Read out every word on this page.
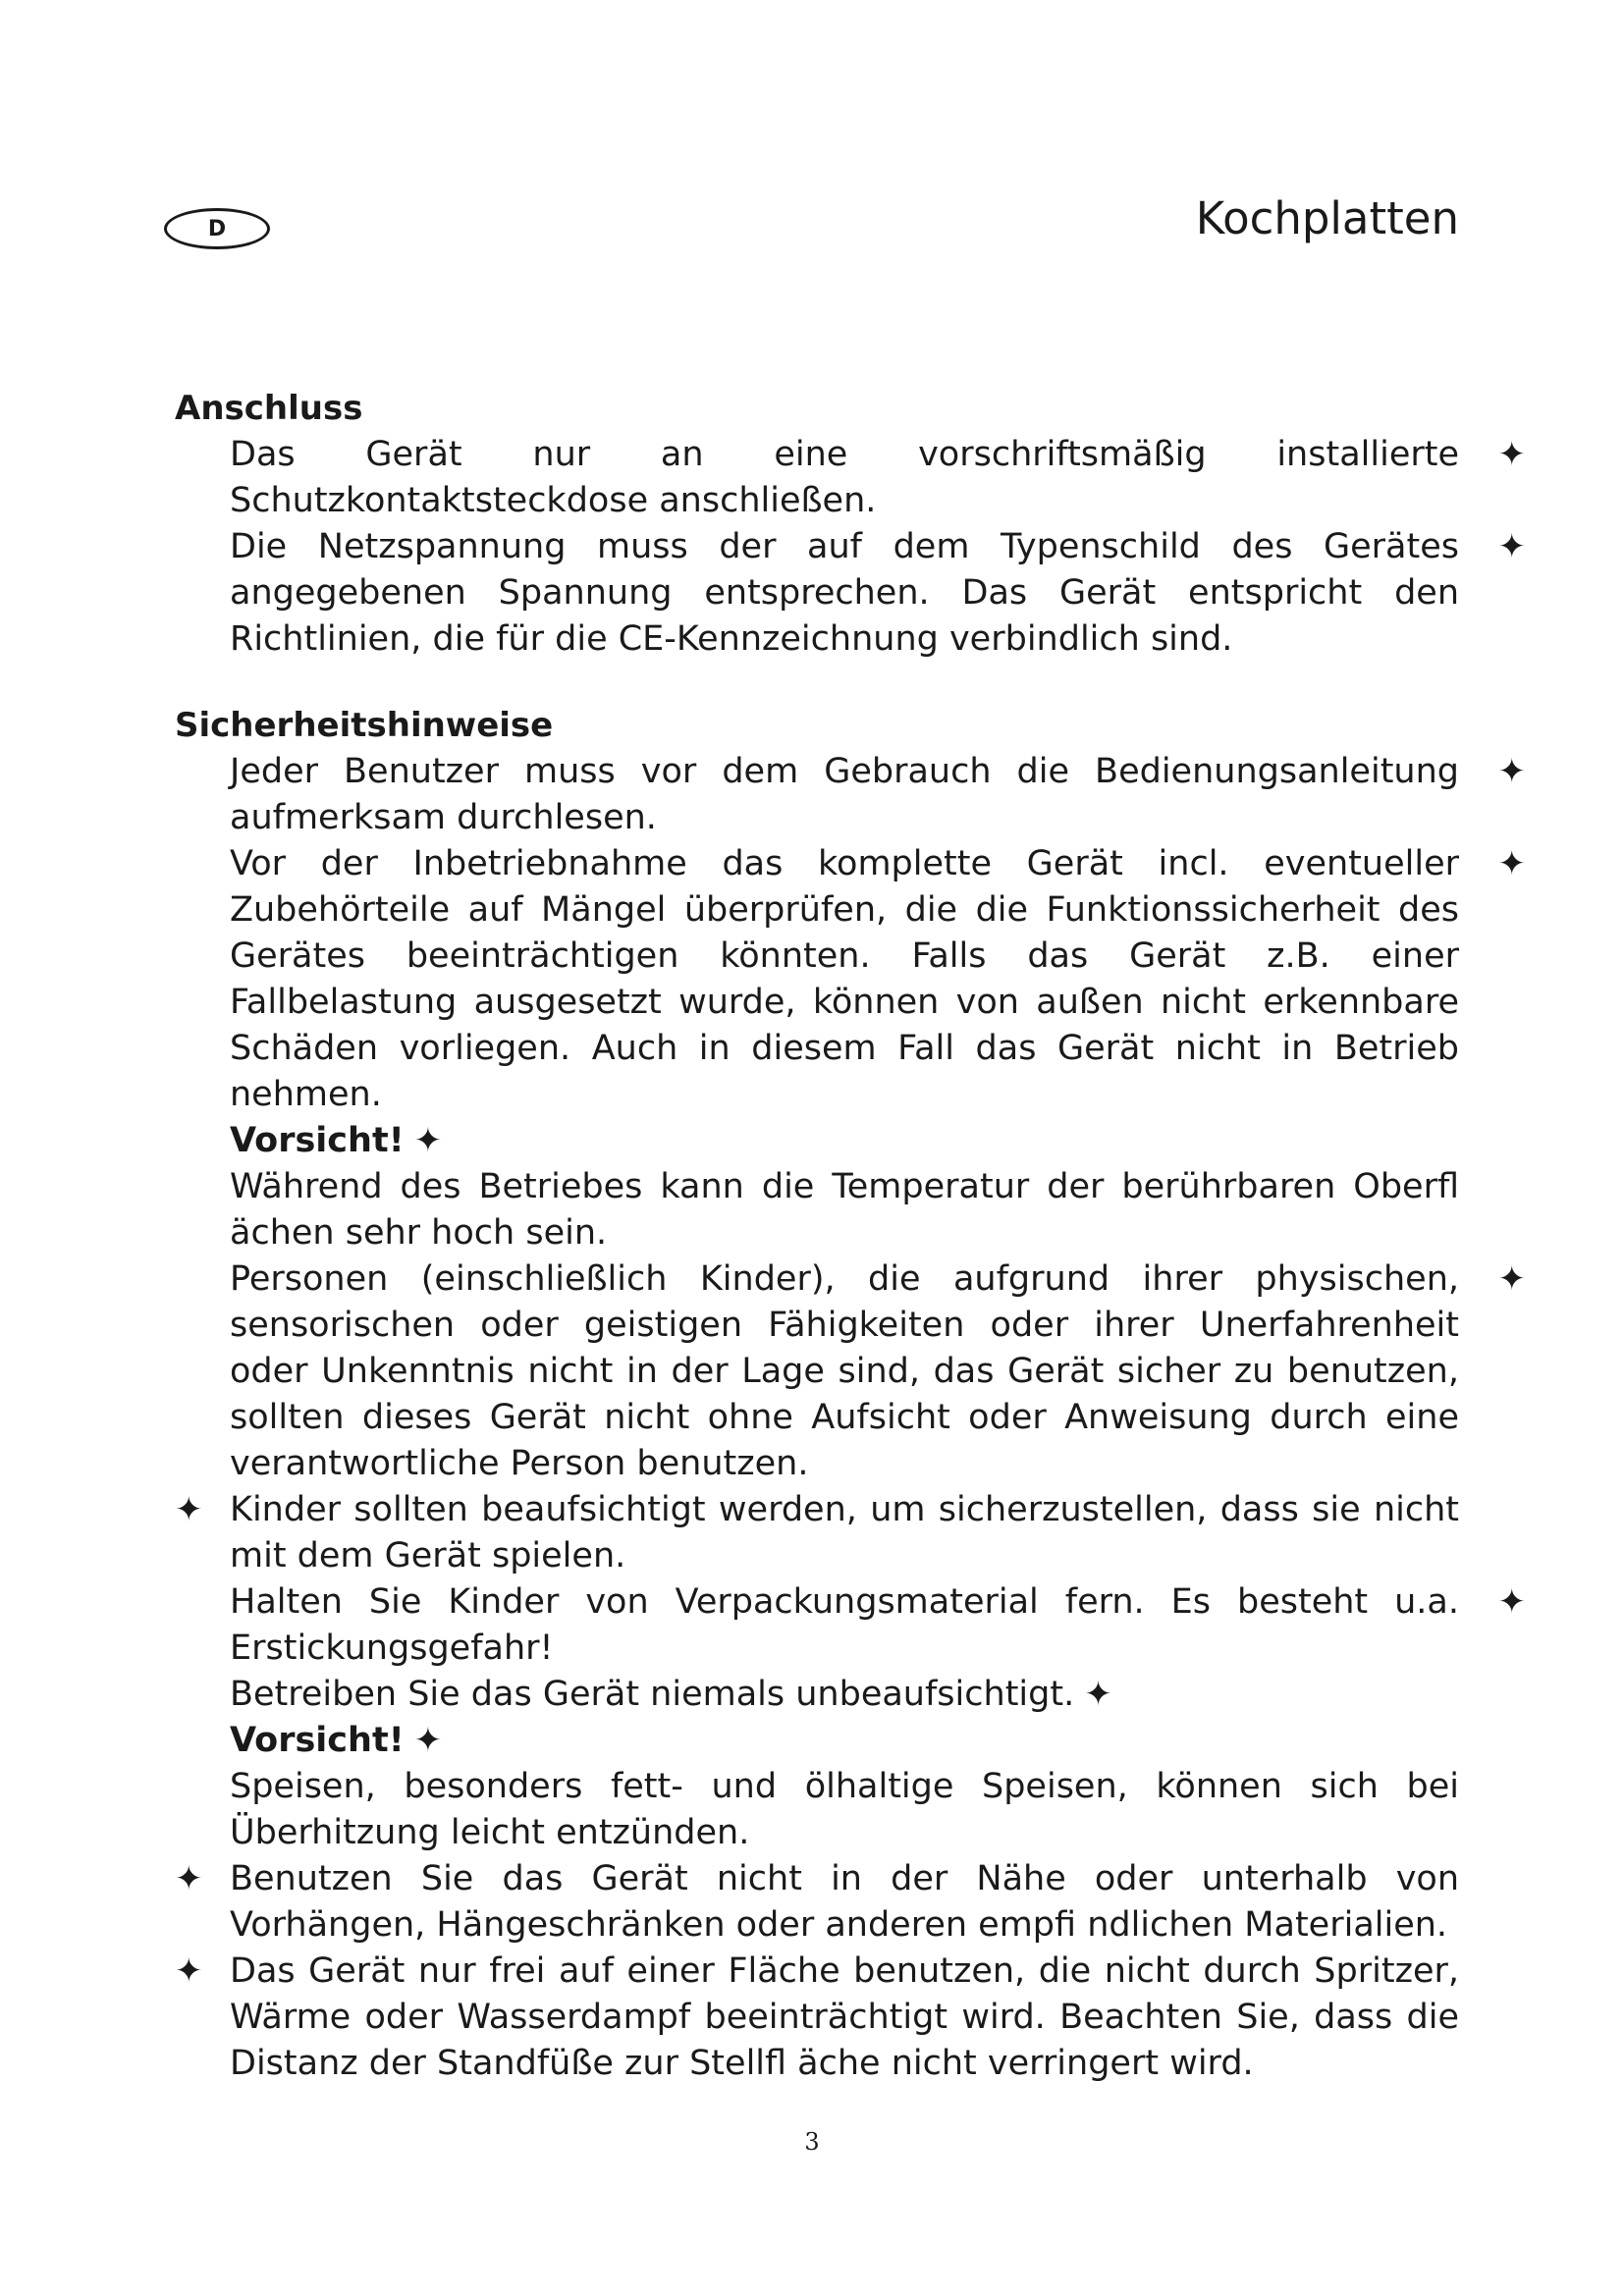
D	Kochplatten
Anschluss
Das Gerät nur an eine vorschriftsmäßig installierte Schutzkontaktsteckdose anschließen.
✦
Die Netzspannung muss der auf dem Typenschild des Gerätes angegebenen Spannung entsprechen. Das Gerät entspricht den Richtlinien, die für die CE-Kennzeichnung verbindlich sind.
✦
Sicherheitshinweise
Jeder Benutzer muss vor dem Gebrauch die Bedienungsanleitung aufmerksam durchlesen.
✦
Vor der Inbetriebnahme das komplette Gerät incl. eventueller Zubehörteile auf Mängel überprüfen, die die Funktionssicherheit des Gerätes beeinträchtigen könnten. Falls das Gerät z.B. einer Fallbelastung ausgesetzt wurde, können von außen nicht erkennbare Schäden vorliegen. Auch in diesem Fall das Gerät nicht in Betrieb nehmen.
✦
Vorsicht! ✦
Während des Betriebes kann die Temperatur der berührbaren Oberfl ächen sehr hoch sein.
Personen (einschließlich Kinder), die aufgrund ihrer physischen, sensorischen oder geistigen Fähigkeiten oder ihrer Unerfahrenheit oder Unkenntnis nicht in der Lage sind, das Gerät sicher zu benutzen, sollten dieses Gerät nicht ohne Aufsicht oder Anweisung durch eine verantwortliche Person benutzen.
✦
✦ Kinder sollten beaufsichtigt werden, um sicherzustellen, dass sie nicht mit dem Gerät spielen.
Halten Sie Kinder von Verpackungsmaterial fern. Es besteht u.a. Erstickungsgefahr!
✦
Betreiben Sie das Gerät niemals unbeaufsichtigt. ✦
Vorsicht! ✦
Speisen, besonders fett- und ölhaltige Speisen, können sich bei Überhitzung leicht entzünden.
✦ Benutzen Sie das Gerät nicht in der Nähe oder unterhalb von Vorhängen, Hängeschränken oder anderen empfi ndlichen Materialien.
✦ Das Gerät nur frei auf einer Fläche benutzen, die nicht durch Spritzer, Wärme oder Wasserdampf beeinträchtigt wird. Beachten Sie, dass die Distanz der Standfüße zur Stellfl äche nicht verringert wird.
3
